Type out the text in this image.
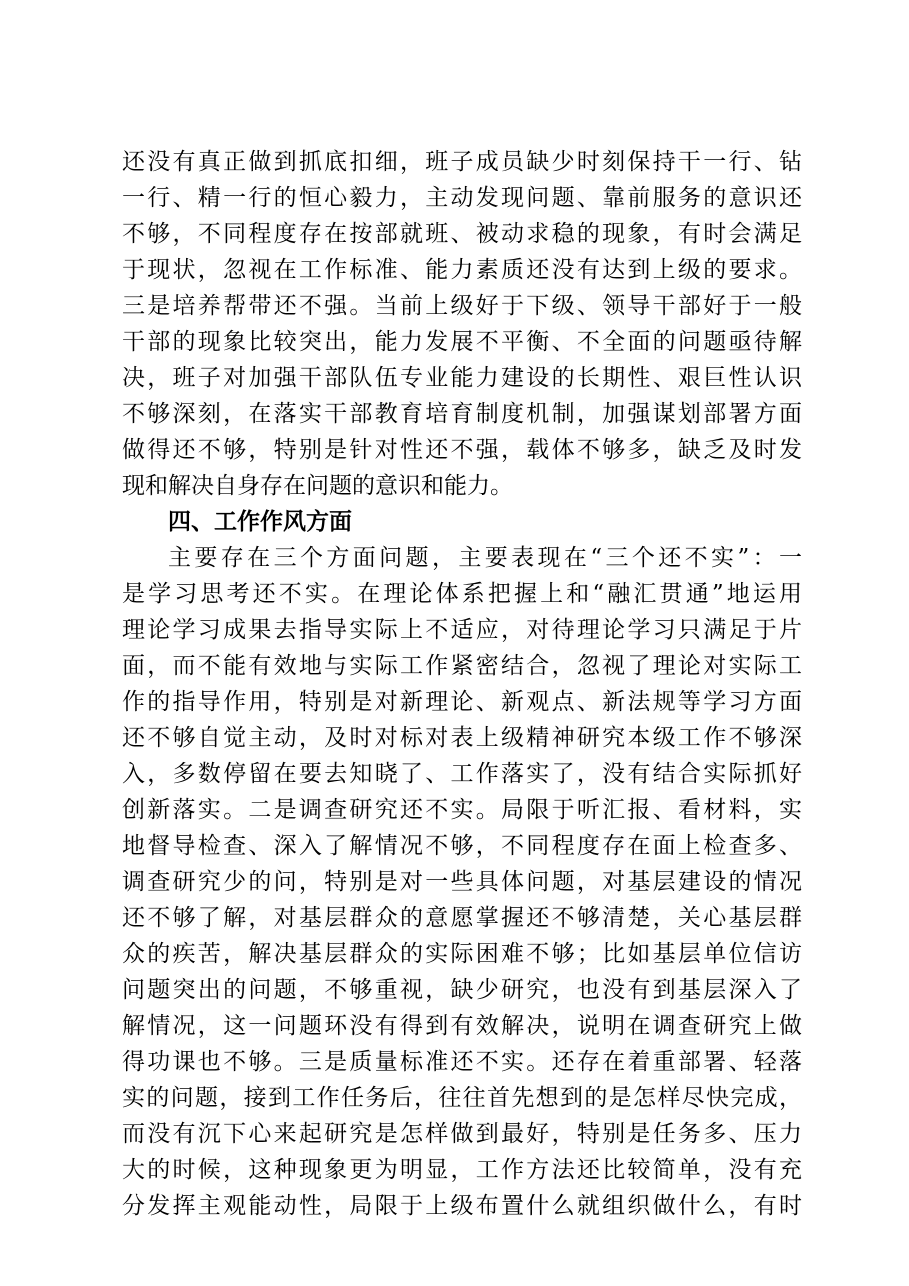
还没有真正做到抓底扣细，班子成员缺少时刻保持干一行、钻
一行、精一行的恒心毅力，主动发现问题、靠前服务的意识还
不够，不同程度存在按部就班、被动求稳的现象，有时会满足
于现状，忽视在工作标准、能力素质还没有达到上级的要求。
三是培养帮带还不强。当前上级好于下级、领导干部好于一般
干部的现象比较突出，能力发展不平衡、不全面的问题亟待解
决，班子对加强干部队伍专业能力建设的长期性、艰巨性认识
不够深刻，在落实干部教育培育制度机制，加强谋划部署方面
做得还不够，特别是针对性还不强，载体不够多，缺乏及时发
现和解决自身存在问题的意识和能力。
四、工作作风方面
主要存在三个方面问题，主要表现在“三个还不实”：一
是学习思考还不实。在理论体系把握上和“融汇贯通”地运用
理论学习成果去指导实际上不适应，对待理论学习只满足于片
面，而不能有效地与实际工作紧密结合，忽视了理论对实际工
作的指导作用，特别是对新理论、新观点、新法规等学习方面
还不够自觉主动，及时对标对表上级精神研究本级工作不够深
入，多数停留在要去知晓了、工作落实了，没有结合实际抓好
创新落实。二是调查研究还不实。局限于听汇报、看材料，实
地督导检查、深入了解情况不够，不同程度存在面上检查多、
调查研究少的问，特别是对一些具体问题，对基层建设的情况
还不够了解，对基层群众的意愿掌握还不够清楚，关心基层群
众的疾苦，解决基层群众的实际困难不够；比如基层单位信访
问题突出的问题，不够重视，缺少研究，也没有到基层深入了
解情况，这一问题环没有得到有效解决，说明在调查研究上做
得功课也不够。三是质量标准还不实。还存在着重部署、轻落
实的问题，接到工作任务后，往往首先想到的是怎样尽快完成，
而没有沉下心来起研究是怎样做到最好，特别是任务多、压力
大的时候，这种现象更为明显，工作方法还比较简单，没有充
分发挥主观能动性，局限于上级布置什么就组织做什么，有时
